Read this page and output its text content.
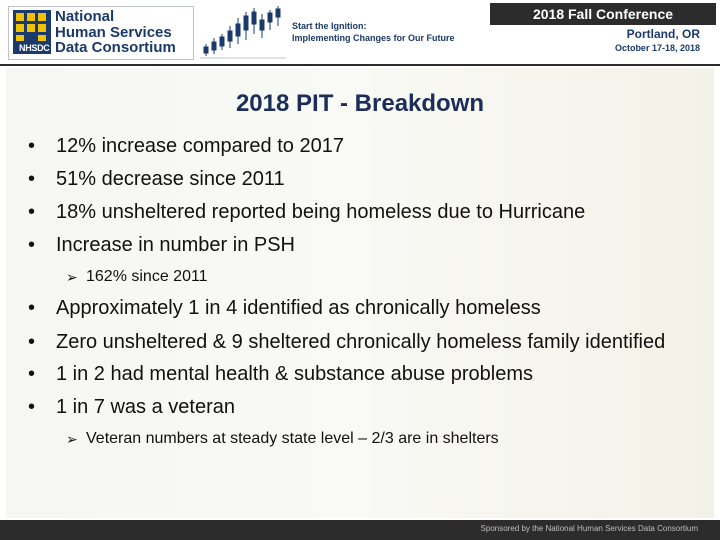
NHSDC
National
Human Services
Data Consortium
Start the Ignition:
Implementing Changes for Our Future
2018 Fall Conference
Portland, OR
October 17-18, 2018
2018 PIT - Breakdown
• 12% increase compared to 2017
• 51% decrease since 2011
• 18% unsheltered reported being homeless due to Hurricane
• Increase in number in PSH
➢ 162% since 2011
• Approximately 1 in 4 identified as chronically homeless
• Zero unsheltered & 9 sheltered chronically homeless family identified
• 1 in 2 had mental health & substance abuse problems
• 1 in 7 was a veteran
➢ Veteran numbers at steady state level – 2/3 are in shelters
Sponsored by the National Human Services Data Consortium
